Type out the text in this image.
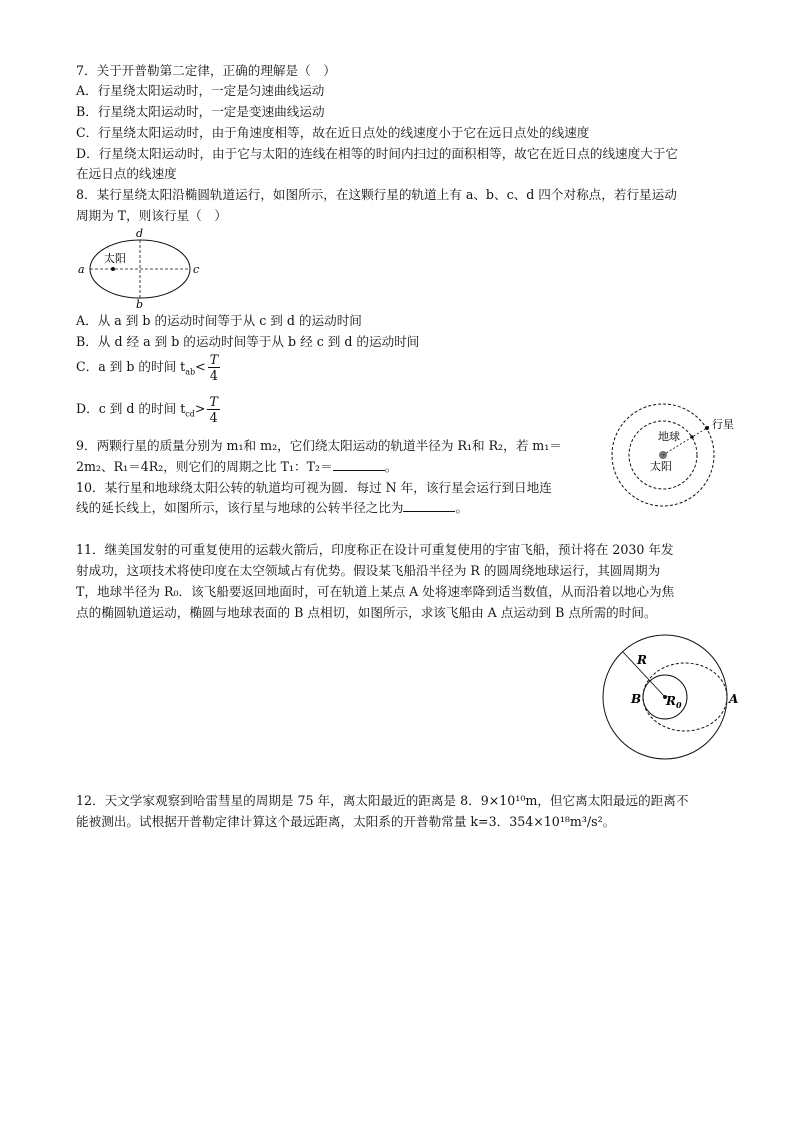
7．关于开普勒第二定律，正确的理解是（　）
A．行星绕太阳运动时，一定是匀速曲线运动
B．行星绕太阳运动时，一定是变速曲线运动
C．行星绕太阳运动时，由于角速度相等，故在近日点处的线速度小于它在远日点处的线速度
D．行星绕太阳运动时，由于它与太阳的连线在相等的时间内扫过的面积相等，故它在近日点的线速度大于它
在远日点的线速度
8．某行星绕太阳沿椭圆轨道运行，如图所示，在这颗行星的轨道上有 a、b、c、d 四个对称点，若行星运动
周期为 T，则该行星（　）
太阳
a	c
d
b
A．从 a 到 b 的运动时间等于从 c 到 d 的运动时间
B．从 d 经 a 到 b 的运动时间等于从 b 经 c 到 d 的运动时间
C．a 到 b 的时间 $t_{ab}< \frac{T}{4}$
D．c 到 d 的时间 $t_{cd}> \frac{T}{4}$
9．两颗行星的质量分别为 m₁和 m₂，它们绕太阳运动的轨道半径为 R₁和 R₂，若 m₁＝
2m₂、R₁＝4R₂，则它们的周期之比 T₁：T₂＝	。
10．某行星和地球绕太阳公转的轨道均可视为圆．每过 N 年，该行星会运行到日地连
线的延长线上，如图所示，该行星与地球的公转半径之比为	。
地球
太阳
行星
11．继美国发射的可重复使用的运载火箭后，印度称正在设计可重复使用的宇宙飞船，预计将在 2030 年发
射成功，这项技术将使印度在太空领域占有优势。假设某飞船沿半径为 R 的圆周绕地球运行，其圆周期为
T，地球半径为 R₀．该飞船要返回地面时，可在轨道上某点 A 处将速率降到适当数值，从而沿着以地心为焦
点的椭圆轨道运动，椭圆与地球表面的 B 点相切，如图所示，求该飞船由 A 点运动到 B 点所需的时间。
R
$R_0$
B	A
12．天文学家观察到哈雷彗星的周期是 75 年，离太阳最近的距离是 8．9×10¹⁰m，但它离太阳最远的距离不
能被测出。试根据开普勒定律计算这个最远距离，太阳系的开普勒常量 k=3．354×10¹⁸m³/s²。
